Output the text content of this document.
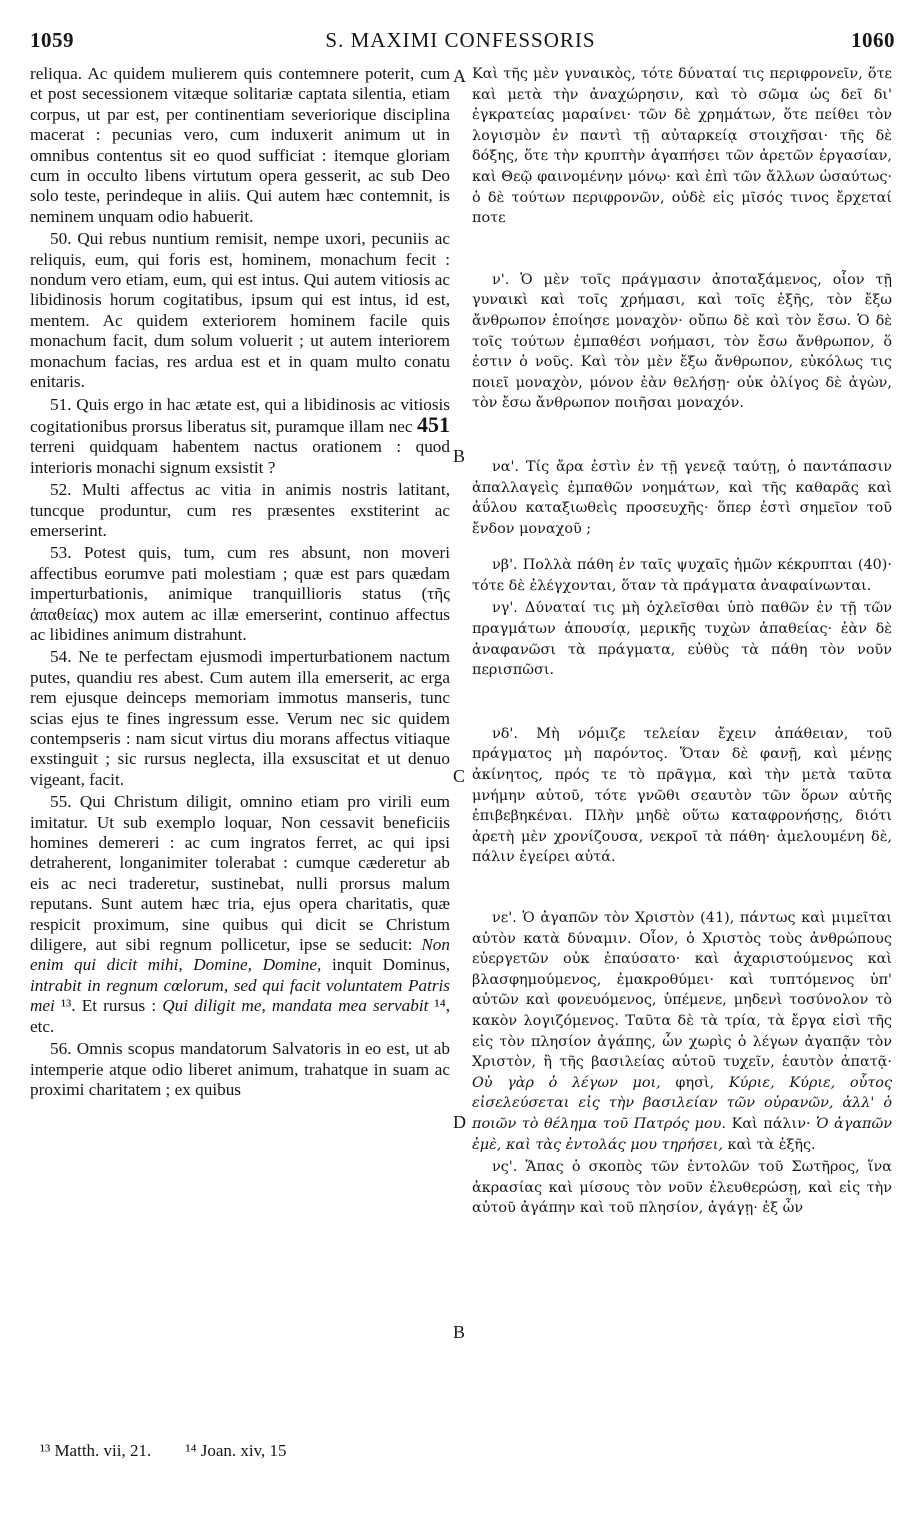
1059	S. MAXIMI CONFESSORIS	1060

reliqua. Ac quidem mulierem quis contemnere poterit, cum et post secessionem vitæque solitariæ captata silentia, etiam corpus, ut par est, per continentiam severiorique disciplina macerat : pecunias vero, cum induxerit animum ut in omnibus contentus sit eo quod sufficiat : itemque gloriam cum in occulto libens virtutum opera gesserit, ac sub Deo solo teste, perindeque in aliis. Qui autem hæc contemnit, is neminem unquam odio habuerit.

50. Qui rebus nuntium remisit, nempe uxori, pecuniis ac reliquis, eum, qui foris est, hominem, monachum fecit : nondum vero etiam, eum, qui est intus. Qui autem vitiosis ac libidinosis horum cogitatibus, ipsum qui est intus, id est, mentem. Ac quidem exteriorem hominem facile quis monachum facit, dum solum voluerit ; ut autem interiorem monachum facias, res ardua est et in quam multo conatu enitaris.

51. Quis ergo in hac ætate est, qui a libidinosis ac vitiosis cogitationibus prorsus liberatus sit, puramque illam nec 451 terreni quidquam habentem nactus orationem : quod interioris monachi signum exsistit ?

52. Multi affectus ac vitia in animis nostris latitant, tuncque produntur, cum res præsentes exstiterint ac emerserint.

53. Potest quis, tum, cum res absunt, non moveri affectibus eorumve pati molestiam ; quæ est pars quædam imperturbationis, animique tranquillioris status (τῆς ἀπαθείας) mox autem ac illæ emerserint, continuo affectus ac libidines animum distrahunt.

54. Ne te perfectam ejusmodi imperturbationem nactum putes, quandiu res abest. Cum autem illa emerserit, ac erga rem ejusque deinceps memoriam immotus manseris, tunc scias ejus te fines ingressum esse. Verum nec sic quidem contempseris : nam sicut virtus diu morans affectus vitiaque exstinguit ; sic rursus neglecta, illa exsuscitat et ut denuo vigeant, facit.

55. Qui Christum diligit, omnino etiam pro virili eum imitatur. Ut sub exemplo loquar, Non cessavit beneficiis homines demereri : ac cum ingratos ferret, ac qui ipsi detraherent, longanimiter tolerabat : cumque cæderetur ab eis ac neci traderetur, sustinebat, nulli prorsus malum reputans. Sunt autem hæc tria, ejus opera charitatis, quæ respicit proximum, sine quibus qui dicit se Christum diligere, aut sibi regnum pollicetur, ipse se seducit: Non enim qui dicit mihi, Domine, Domine, inquit Dominus, intrabit in regnum cœlorum, sed qui facit voluntatem Patris mei ¹³. Et rursus : Qui diligit me, mandata mea servabit ¹⁴, etc.

56. Omnis scopus mandatorum Salvatoris in eo est, ut ab intemperie atque odio liberet animum, trahatque in suam ac proximi charitatem ; ex quibus

A
B
C
D
B

Καὶ τῆς μὲν γυναικὸς, τότε δύναταί τις περιφρονεῖν, ὅτε καὶ μετὰ τὴν ἀναχώρησιν, καὶ τὸ σῶμα ὡς δεῖ δι' ἐγκρατείας μαραίνει· τῶν δὲ χρημάτων, ὅτε πείθει τὸν λογισμὸν ἐν παντὶ τῇ αὐταρκείᾳ στοιχῆσαι· τῆς δὲ δόξης, ὅτε τὴν κρυπτὴν ἀγαπήσει τῶν ἀρετῶν ἐργασίαν, καὶ Θεῷ φαινομένην μόνῳ· καὶ ἐπὶ τῶν ἄλλων ὡσαύτως· ὁ δὲ τούτων περιφρονῶν, οὐδὲ εἰς μῖσός τινος ἔρχεταί ποτε

ν'. Ὁ μὲν τοῖς πράγμασιν ἀποταξάμενος, οἷον τῇ γυναικὶ καὶ τοῖς χρήμασι, καὶ τοῖς ἑξῆς, τὸν ἔξω ἄνθρωπον ἐποίησε μοναχὸν· οὔπω δὲ καὶ τὸν ἔσω. Ὁ δὲ τοῖς τούτων ἐμπαθέσι νοήμασι, τὸν ἔσω ἄνθρωπον, ὅ ἐστιν ὁ νοῦς. Καὶ τὸν μὲν ἔξω ἄνθρωπον, εὐκόλως τις ποιεῖ μοναχὸν, μόνον ἐὰν θελήσῃ· οὐκ ὀλίγος δὲ ἀγὼν, τὸν ἔσω ἄνθρωπον ποιῆσαι μοναχόν.

να'. Τίς ἄρα ἐστὶν ἐν τῇ γενεᾷ ταύτῃ, ὁ παντάπασιν ἀπαλλαγεὶς ἐμπαθῶν νοημάτων, καὶ τῆς καθαρᾶς καὶ ἀΰλου καταξιωθεὶς προσευχῆς· ὅπερ ἐστὶ σημεῖον τοῦ ἔνδον μοναχοῦ ;

νβ'. Πολλὰ πάθη ἐν ταῖς ψυχαῖς ἡμῶν κέκρυπται (40)· τότε δὲ ἐλέγχονται, ὅταν τὰ πράγματα ἀναφαίνωνται.

νγ'. Δύναταί τις μὴ ὀχλεῖσθαι ὑπὸ παθῶν ἐν τῇ τῶν πραγμάτων ἀπουσίᾳ, μερικῆς τυχὼν ἀπαθείας· ἐὰν δὲ ἀναφανῶσι τὰ πράγματα, εὐθὺς τὰ πάθη τὸν νοῦν περισπῶσι.

νδ'. Μὴ νόμιζε τελείαν ἔχειν ἀπάθειαν, τοῦ πράγματος μὴ παρόντος. Ὅταν δὲ φανῇ, καὶ μένῃς ἀκίνητος, πρός τε τὸ πρᾶγμα, καὶ τὴν μετὰ ταῦτα μνήμην αὐτοῦ, τότε γνῶθι σεαυτὸν τῶν ὅρων αὐτῆς ἐπιβεβηκέναι. Πλὴν μηδὲ οὕτω καταφρονήσῃς, διότι ἀρετὴ μὲν χρονίζουσα, νεκροῖ τὰ πάθη· ἀμελουμένη δὲ, πάλιν ἐγείρει αὐτά.

νε'. Ὁ ἀγαπῶν τὸν Χριστὸν (41), πάντως καὶ μιμεῖται αὐτὸν κατὰ δύναμιν. Οἷον, ὁ Χριστὸς τοὺς ἀνθρώπους εὐεργετῶν οὐκ ἐπαύσατο· καὶ ἀχαριστούμενος καὶ βλασφημούμενος, ἐμακροθύμει· καὶ τυπτόμενος ὑπ' αὐτῶν καὶ φονευόμενος, ὑπέμενε, μηδενὶ τοσύνολον τὸ κακὸν λογιζόμενος. Ταῦτα δὲ τὰ τρία, τὰ ἔργα εἰσὶ τῆς εἰς τὸν πλησίον ἀγάπης, ὧν χωρὶς ὁ λέγων ἀγαπᾷν τὸν Χριστὸν, ἢ τῆς βασιλείας αὐτοῦ τυχεῖν, ἑαυτὸν ἀπατᾷ· Οὐ γὰρ ὁ λέγων μοι, φησὶ, Κύριε, Κύριε, οὗτος εἰσελεύσεται εἰς τὴν βασιλείαν τῶν οὐρανῶν, ἀλλ' ὁ ποιῶν τὸ θέλημα τοῦ Πατρός μου. Καὶ πάλιν· Ὁ ἀγαπῶν ἐμὲ, καὶ τὰς ἐντολάς μου τηρήσει, καὶ τὰ ἑξῆς.

νς'. Ἅπας ὁ σκοπὸς τῶν ἐντολῶν τοῦ Σωτῆρος, ἵνα ἀκρασίας καὶ μίσους τὸν νοῦν ἐλευθερώσῃ, καὶ εἰς τὴν αὐτοῦ ἀγάπην καὶ τοῦ πλησίον, ἀγάγῃ· ἐξ ὧν

¹³ Matth. vii, 21. ¹⁴ Joan. xiv, 15
